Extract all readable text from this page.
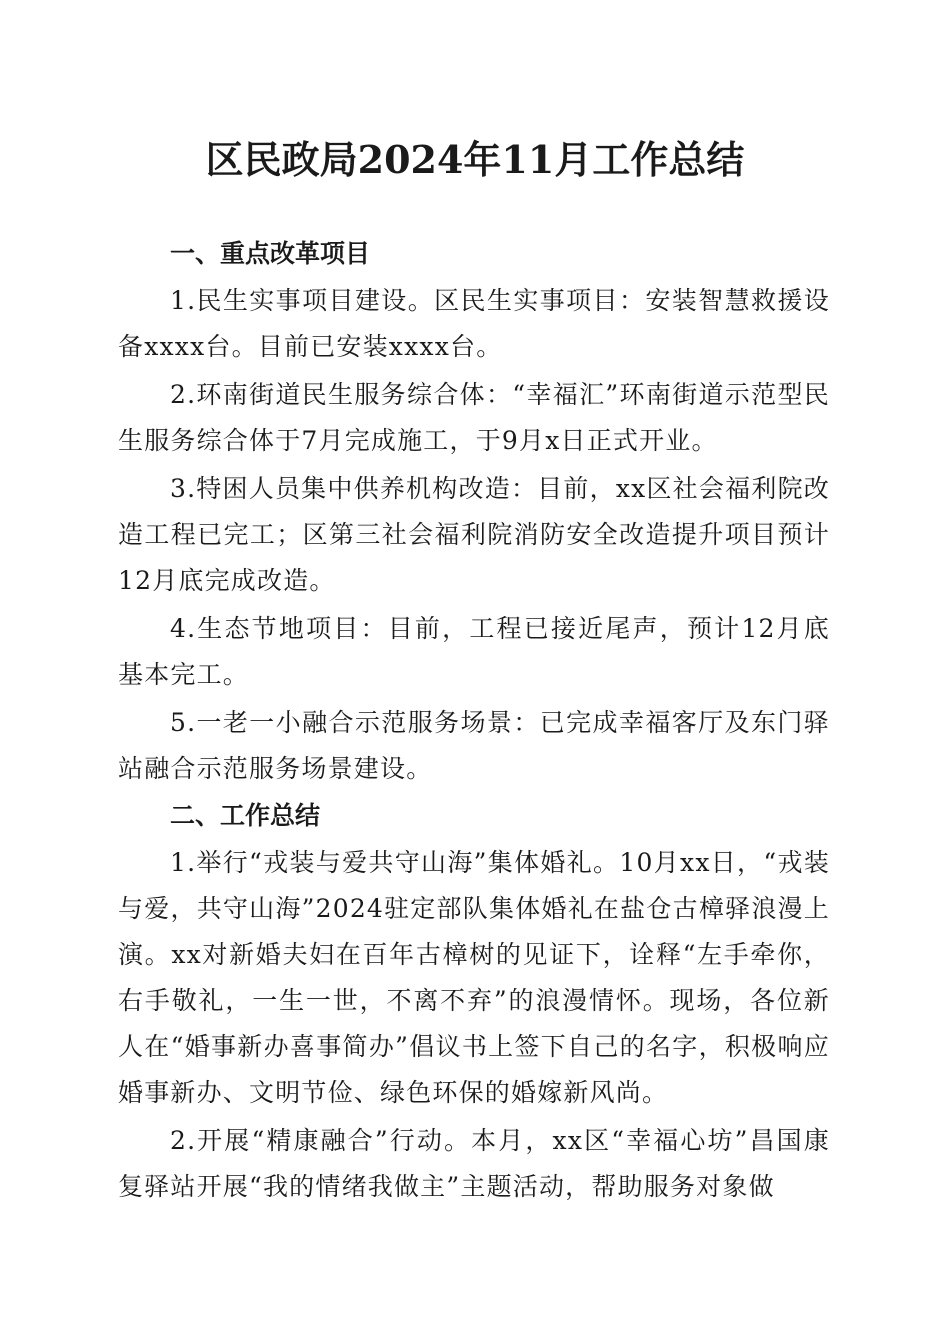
区民政局2024年11月工作总结
一、重点改革项目

1.民生实事项目建设。区民生实事项目：安装智慧救援设备xxxx台。目前已安装xxxx台。

2.环南街道民生服务综合体：“幸福汇”环南街道示范型民生服务综合体于7月完成施工，于9月x日正式开业。

3.特困人员集中供养机构改造：目前，xx区社会福利院改造工程已完工；区第三社会福利院消防安全改造提升项目预计12月底完成改造。

4.生态节地项目：目前，工程已接近尾声，预计12月底基本完工。

5.一老一小融合示范服务场景：已完成幸福客厅及东门驿站融合示范服务场景建设。

二、工作总结

1.举行“戎装与爱共守山海”集体婚礼。10月xx日，“戎装与爱，共守山海”2024驻定部队集体婚礼在盐仓古樟驿浪漫上演。xx对新婚夫妇在百年古樟树的见证下，诠释“左手牵你，右手敬礼，一生一世，不离不弃”的浪漫情怀。现场，各位新人在“婚事新办喜事简办”倡议书上签下自己的名字，积极响应婚事新办、文明节俭、绿色环保的婚嫁新风尚。

2.开展“精康融合”行动。本月，xx区“幸福心坊”昌国康复驿站开展“我的情绪我做主”主题活动，帮助服务对象做
